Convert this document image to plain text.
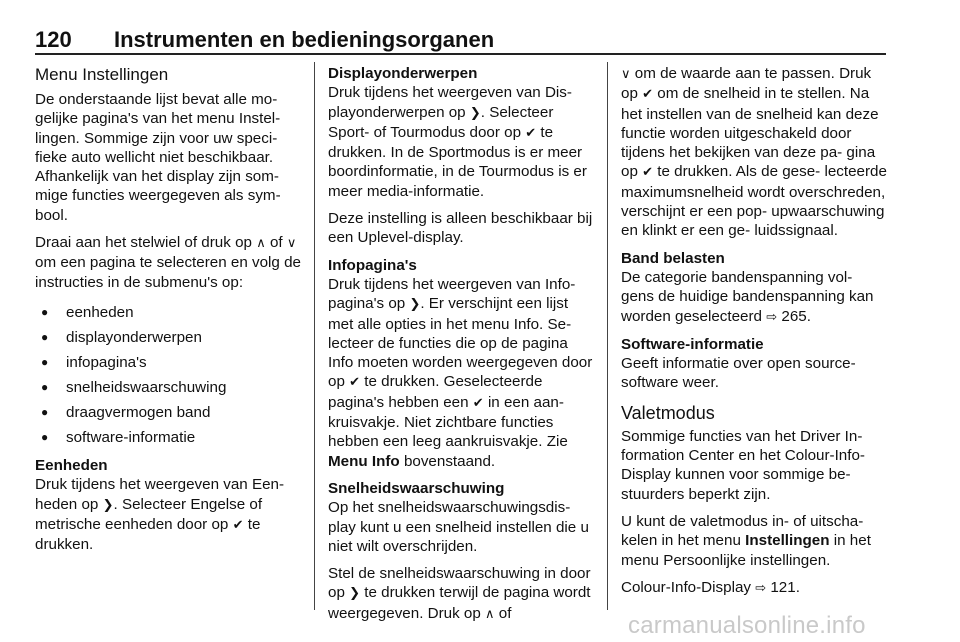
120 Instrumenten en bedieningsorganen
Menu Instellingen

De onderstaande lijst bevat alle mo- gelijke pagina's van het menu Instel- lingen. Sommige zijn voor uw speci- fieke auto wellicht niet beschikbaar. Afhankelijk van het display zijn som- mige functies weergegeven als sym- bool.

Draai aan het stelwiel of druk op ∧ of ∨ om een pagina te selecteren en volg de instructies in de submenu's op:

● eenheden
● displayonderwerpen
● infopagina's
● snelheidswaarschuwing
● draagvermogen band
● software-informatie
Eenheden

Druk tijdens het weergeven van Een- heden op ❯. Selecteer Engelse of metrische eenheden door op ✔ te drukken.

Displayonderwerpen

Druk tijdens het weergeven van Dis- playonderwerpen op ❯. Selecteer Sport- of Tourmodus door op ✔ te drukken. In de Sportmodus is er meer boordinformatie, in de Tourmodus is er meer media-informatie.

Deze instelling is alleen beschikbaar bij een Uplevel-display.

Infopagina's

Druk tijdens het weergeven van Info- pagina's op ❯. Er verschijnt een lijst met alle opties in het menu Info. Se- lecteer de functies die op de pagina Info moeten worden weergegeven door op ✔ te drukken. Geselecteerde pagina's hebben een ✔ in een aan- kruisvakje. Niet zichtbare functies hebben een leeg aankruisvakje. Zie Menu Info bovenstaand.

Snelheidswaarschuwing

Op het snelheidswaarschuwingsdis- play kunt u een snelheid instellen die u niet wilt overschrijden.

Stel de snelheidswaarschuwing in door op ❯ te drukken terwijl de pagina wordt weergegeven. Druk op ∧ of

∨ om de waarde aan te passen. Druk op ✔ om de snelheid in te stellen. Na het instellen van de snelheid kan deze functie worden uitgeschakeld door tijdens het bekijken van deze pa- gina op ✔ te drukken. Als de gese- lecteerde maximumsnelheid wordt overschreden, verschijnt er een pop- upwaarschuwing en klinkt er een ge- luidssignaal.

Band belasten

De categorie bandenspanning vol- gens de huidige bandenspanning kan worden geselecteerd ⇨ 265.

Software-informatie

Geeft informatie over open source- software weer.

Valetmodus

Sommige functies van het Driver In- formation Center en het Colour-Info- Display kunnen voor sommige be- stuurders beperkt zijn.

U kunt de valetmodus in- of uitscha- kelen in het menu Instellingen in het menu Persoonlijke instellingen.

Colour-Info-Display ⇨ 121.

carmanualsonline.info
